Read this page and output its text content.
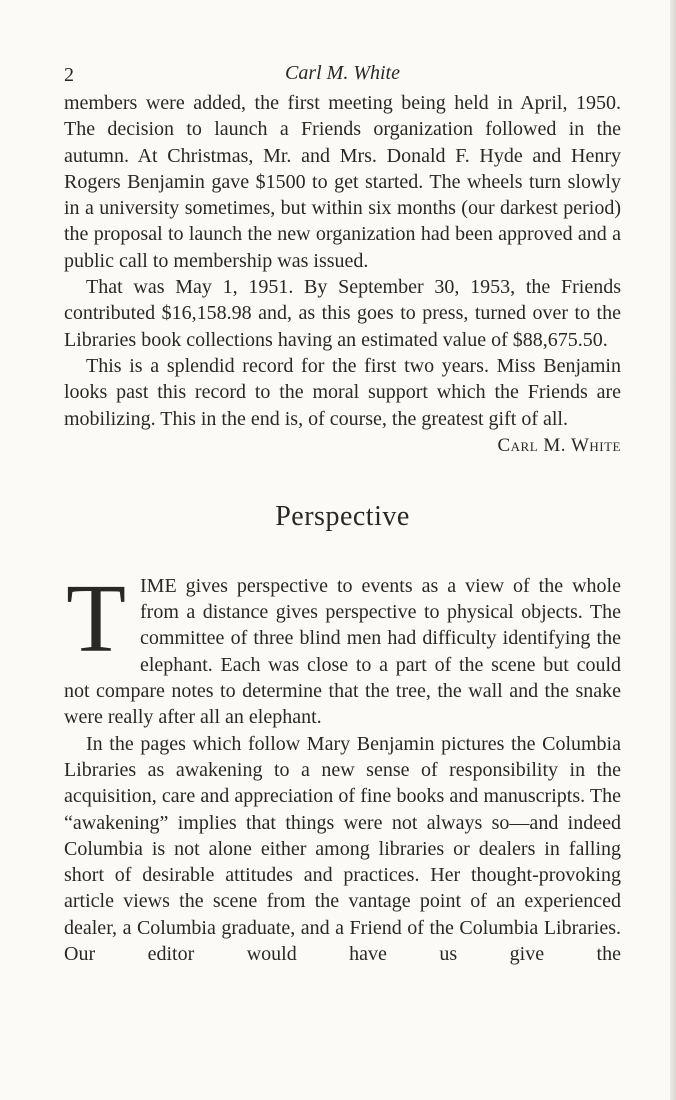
2	Carl M. White

members were added, the first meeting being held in April, 1950. The decision to launch a Friends organization followed in the autumn. At Christmas, Mr. and Mrs. Donald F. Hyde and Henry Rogers Benjamin gave $1500 to get started. The wheels turn slowly in a university sometimes, but within six months (our darkest period) the proposal to launch the new organization had been approved and a public call to membership was issued.

That was May 1, 1951. By September 30, 1953, the Friends contributed $16,158.98 and, as this goes to press, turned over to the Libraries book collections having an estimated value of $88,675.50.

This is a splendid record for the first two years. Miss Benjamin looks past this record to the moral support which the Friends are mobilizing. This in the end is, of course, the greatest gift of all.

Carl M. White
Perspective
T IME gives perspective to events as a view of the whole from a distance gives perspective to physical objects. The committee of three blind men had difficulty identifying the elephant. Each was close to a part of the scene but could not compare notes to determine that the tree, the wall and the snake were really after all an elephant.

In the pages which follow Mary Benjamin pictures the Columbia Libraries as awakening to a new sense of responsibility in the acquisition, care and appreciation of fine books and manuscripts. The “awakening” implies that things were not always so—and indeed Columbia is not alone either among libraries or dealers in falling short of desirable attitudes and practices. Her thought-provoking article views the scene from the vantage point of an experienced dealer, a Columbia graduate, and a Friend of the Columbia Libraries. Our editor would have us give the
